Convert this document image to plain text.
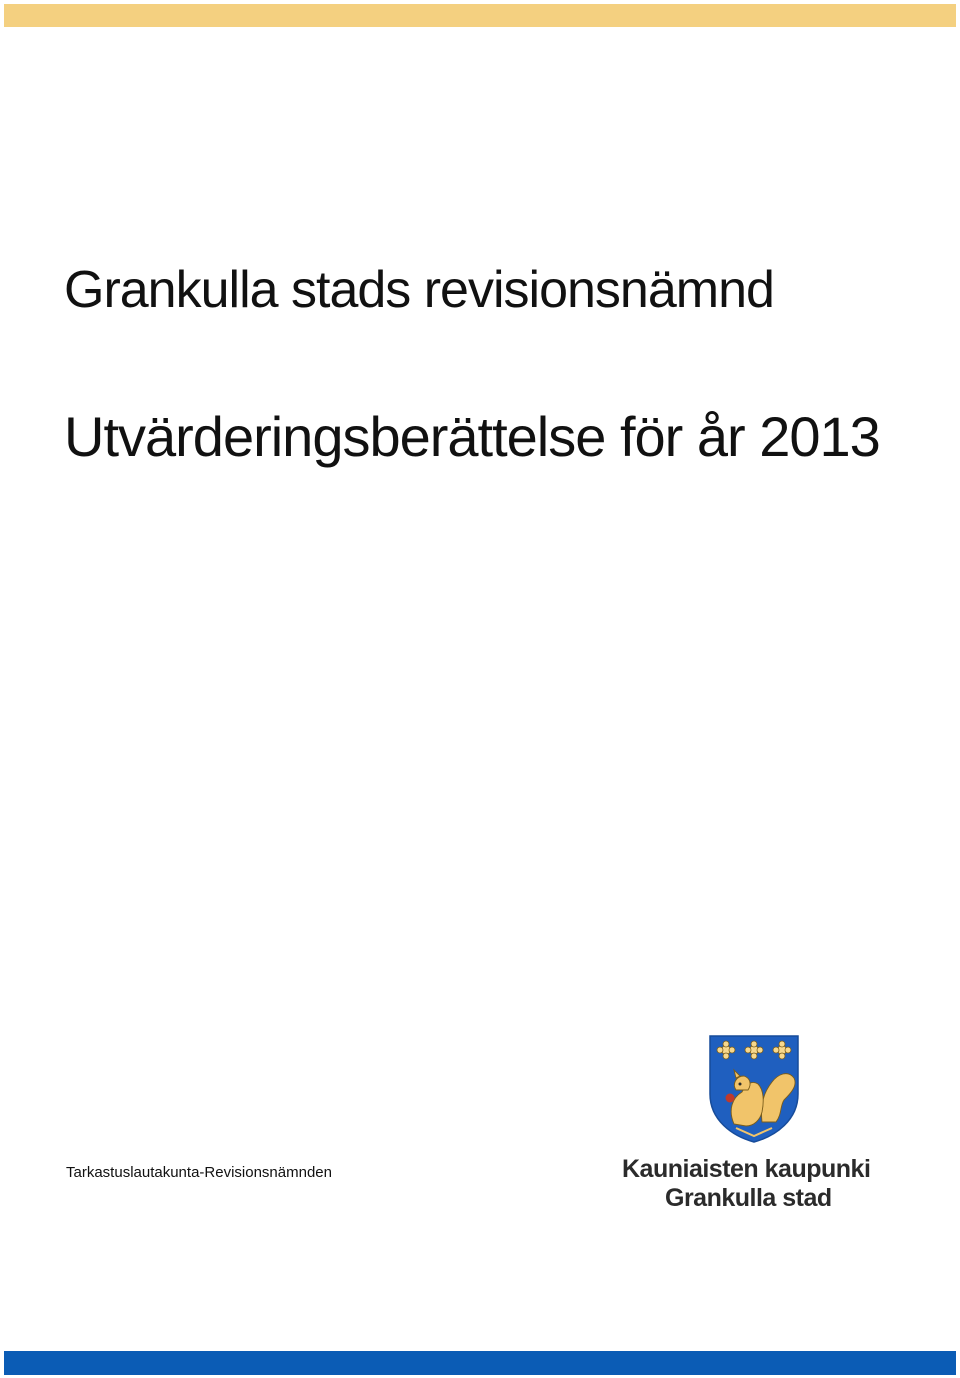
Grankulla stads revisionsnämnd
Utvärderingsberättelse för år 2013
Tarkastuslautakunta-Revisionsnämnden	Kauniaisten kaupunki
Grankulla stad
